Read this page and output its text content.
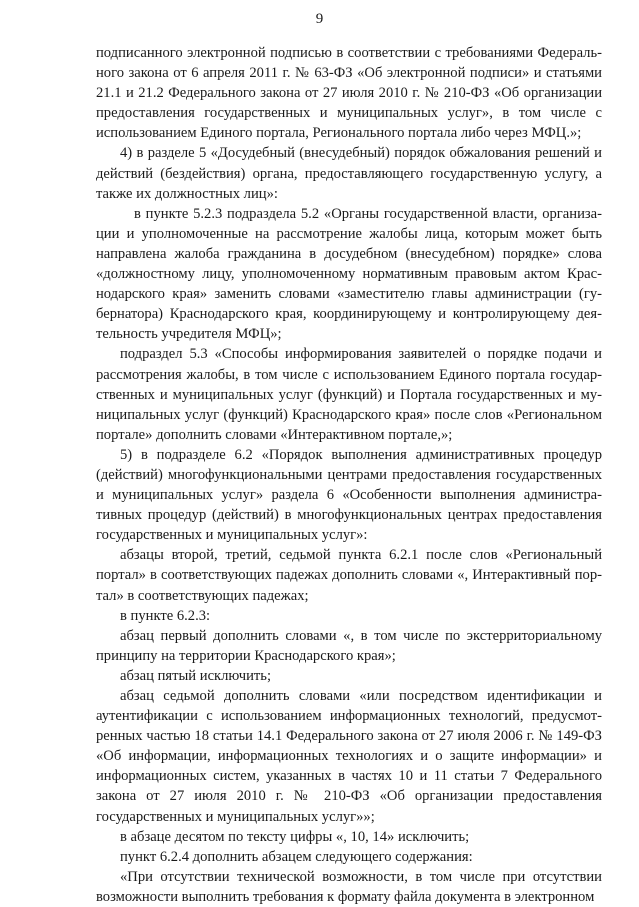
9

подписанного электронной подписью в соответствии с требованиями Федерального закона от 6 апреля 2011 г. № 63-ФЗ «Об электронной подписи» и статьями 21.1 и 21.2 Федерального закона от 27 июля 2010 г. № 210-ФЗ «Об организации предоставления государственных и муниципальных услуг», в том числе с использованием Единого портала, Регионального портала либо через МФЦ.»;

4) в разделе 5 «Досудебный (внесудебный) порядок обжалования решений и действий (бездействия) органа, предоставляющего государственную услугу, а также их должностных лиц»:

в пункте 5.2.3 подраздела 5.2 «Органы государственной власти, организации и уполномоченные на рассмотрение жалобы лица, которым может быть направлена жалоба гражданина в досудебном (внесудебном) порядке» слова «должностному лицу, уполномоченному нормативным правовым актом Краснодарского края» заменить словами «заместителю главы администрации (губернатора) Краснодарского края, координирующему и контролирующему деятельность учредителя МФЦ»;

подраздел 5.3 «Способы информирования заявителей о порядке подачи и рассмотрения жалобы, в том числе с использованием Единого портала государственных и муниципальных услуг (функций) и Портала государственных и муниципальных услуг (функций) Краснодарского края» после слов «Региональном портале» дополнить словами «Интерактивном портале,»;

5) в подразделе 6.2 «Порядок выполнения административных процедур (действий) многофункциональными центрами предоставления государственных и муниципальных услуг» раздела 6 «Особенности выполнения административных процедур (действий) в многофункциональных центрах предоставления государственных и муниципальных услуг»:

абзацы второй, третий, седьмой пункта 6.2.1 после слов «Региональный портал» в соответствующих падежах дополнить словами «, Интерактивный портал» в соответствующих падежах;

в пункте 6.2.3:

абзац первый дополнить словами «, в том числе по экстерриториальному принципу на территории Краснодарского края»;

абзац пятый исключить;

абзац седьмой дополнить словами «или посредством идентификации и аутентификации с использованием информационных технологий, предусмотренных частью 18 статьи 14.1 Федерального закона от 27 июля 2006 г. № 149-ФЗ «Об информации, информационных технологиях и о защите информации» и информационных систем, указанных в частях 10 и 11 статьи 7 Федерального закона от 27 июля 2010 г. № 210-ФЗ «Об организации предоставления государственных и муниципальных услуг»»;

в абзаце десятом по тексту цифры «, 10, 14» исключить;

пункт 6.2.4 дополнить абзацем следующего содержания:

«При отсутствии технической возможности, в том числе при отсутствии возможности выполнить требования к формату файла документа в электронном
